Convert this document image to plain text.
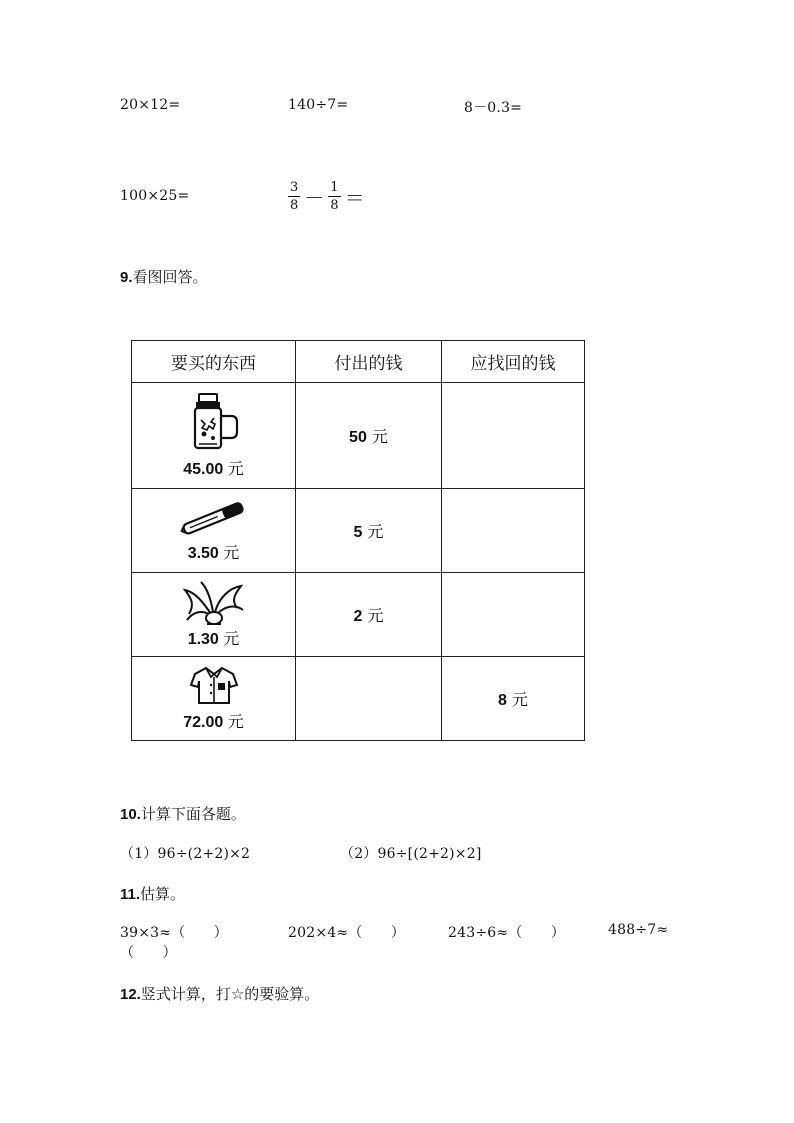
20×12=	140÷7=	8－0.3=
100×25=	$\frac{3}{8} - \frac{1}{8}$ ＝
9.看图回答。
要买的东西	付出的钱	应找回的钱

45.00 元	50 元	

3.50 元	5 元	

1.30 元	2 元	

72.00 元		8 元
10.计算下面各题。
（1）96÷(2+2)×2	（2）96÷[(2+2)×2]
11.估算。
39×3≈（　　）	202×4≈（　　）	243÷6≈（　　）	488÷7≈
（　　）
12.竖式计算，打☆的要验算。
